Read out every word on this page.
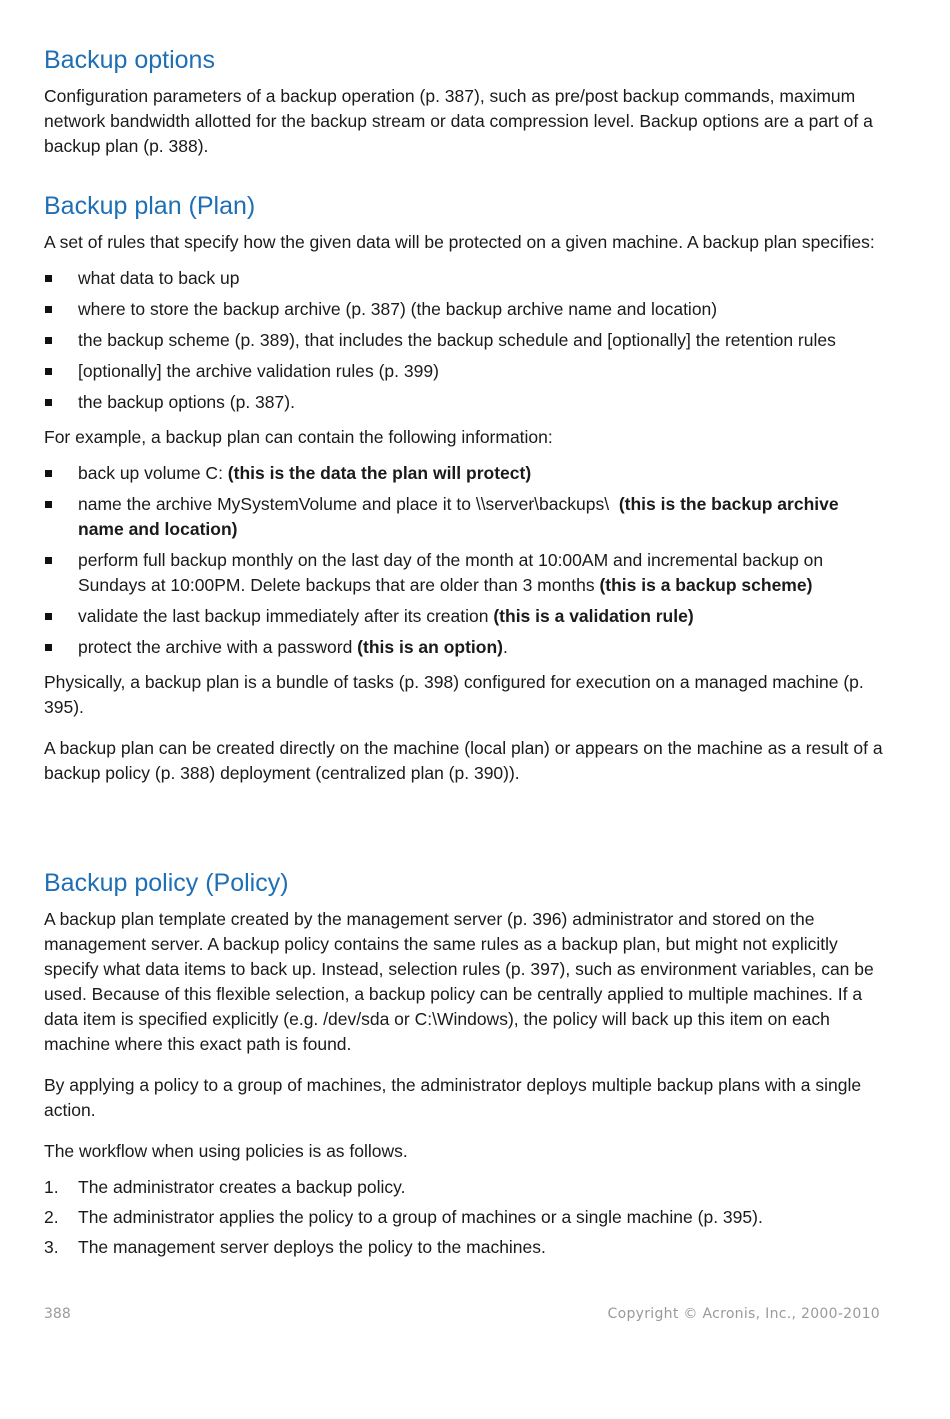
Backup options

Configuration parameters of a backup operation (p. 387), such as pre/post backup commands, maximum network bandwidth allotted for the backup stream or data compression level. Backup options are a part of a backup plan (p. 388).

Backup plan (Plan)

A set of rules that specify how the given data will be protected on a given machine. A backup plan specifies:

what data to back up
where to store the backup archive (p. 387) (the backup archive name and location)
the backup scheme (p. 389), that includes the backup schedule and [optionally] the retention rules
[optionally] the archive validation rules (p. 399)
the backup options (p. 387).

For example, a backup plan can contain the following information:

back up volume C: (this is the data the plan will protect)
name the archive MySystemVolume and place it to \\server\backups\  (this is the backup archive name and location)
perform full backup monthly on the last day of the month at 10:00AM and incremental backup on Sundays at 10:00PM. Delete backups that are older than 3 months (this is a backup scheme)
validate the last backup immediately after its creation (this is a validation rule)
protect the archive with a password (this is an option).

Physically, a backup plan is a bundle of tasks (p. 398) configured for execution on a managed machine (p. 395).

A backup plan can be created directly on the machine (local plan) or appears on the machine as a result of a backup policy (p. 388) deployment (centralized plan (p. 390)).

Backup policy (Policy)

A backup plan template created by the management server (p. 396) administrator and stored on the management server. A backup policy contains the same rules as a backup plan, but might not explicitly specify what data items to back up. Instead, selection rules (p. 397), such as environment variables, can be used. Because of this flexible selection, a backup policy can be centrally applied to multiple machines. If a data item is specified explicitly (e.g. /dev/sda or C:\Windows), the policy will back up this item on each machine where this exact path is found.

By applying a policy to a group of machines, the administrator deploys multiple backup plans with a single action.

The workflow when using policies is as follows.

1. The administrator creates a backup policy.
2. The administrator applies the policy to a group of machines or a single machine (p. 395).
3. The management server deploys the policy to the machines.
388	Copyright © Acronis, Inc., 2000-2010
